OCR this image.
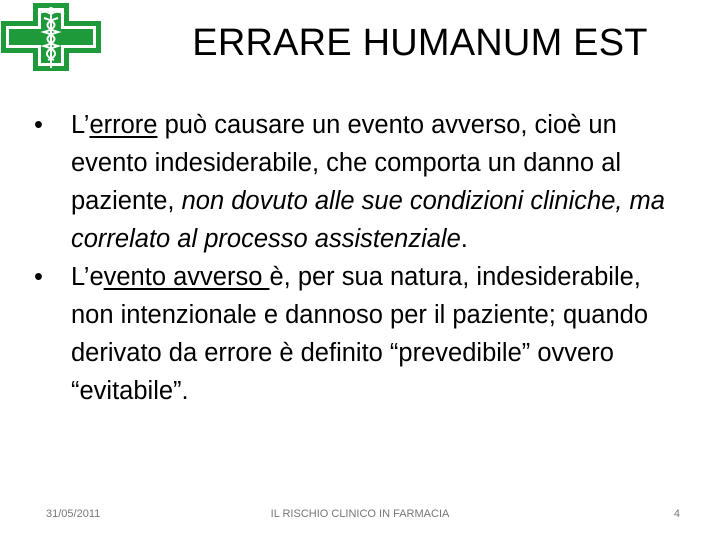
ERRARE HUMANUM EST
•	L’errore può causare un evento avverso, cioè un evento indesiderabile, che comporta un danno al paziente, non dovuto alle sue condizioni cliniche, ma correlato al processo assistenziale.
•	L’evento avverso è, per sua natura, indesiderabile, non intenzionale e dannoso per il paziente; quando derivato da errore è definito “prevedibile” ovvero “evitabile”.
31/05/2011	IL RISCHIO CLINICO IN FARMACIA	4
